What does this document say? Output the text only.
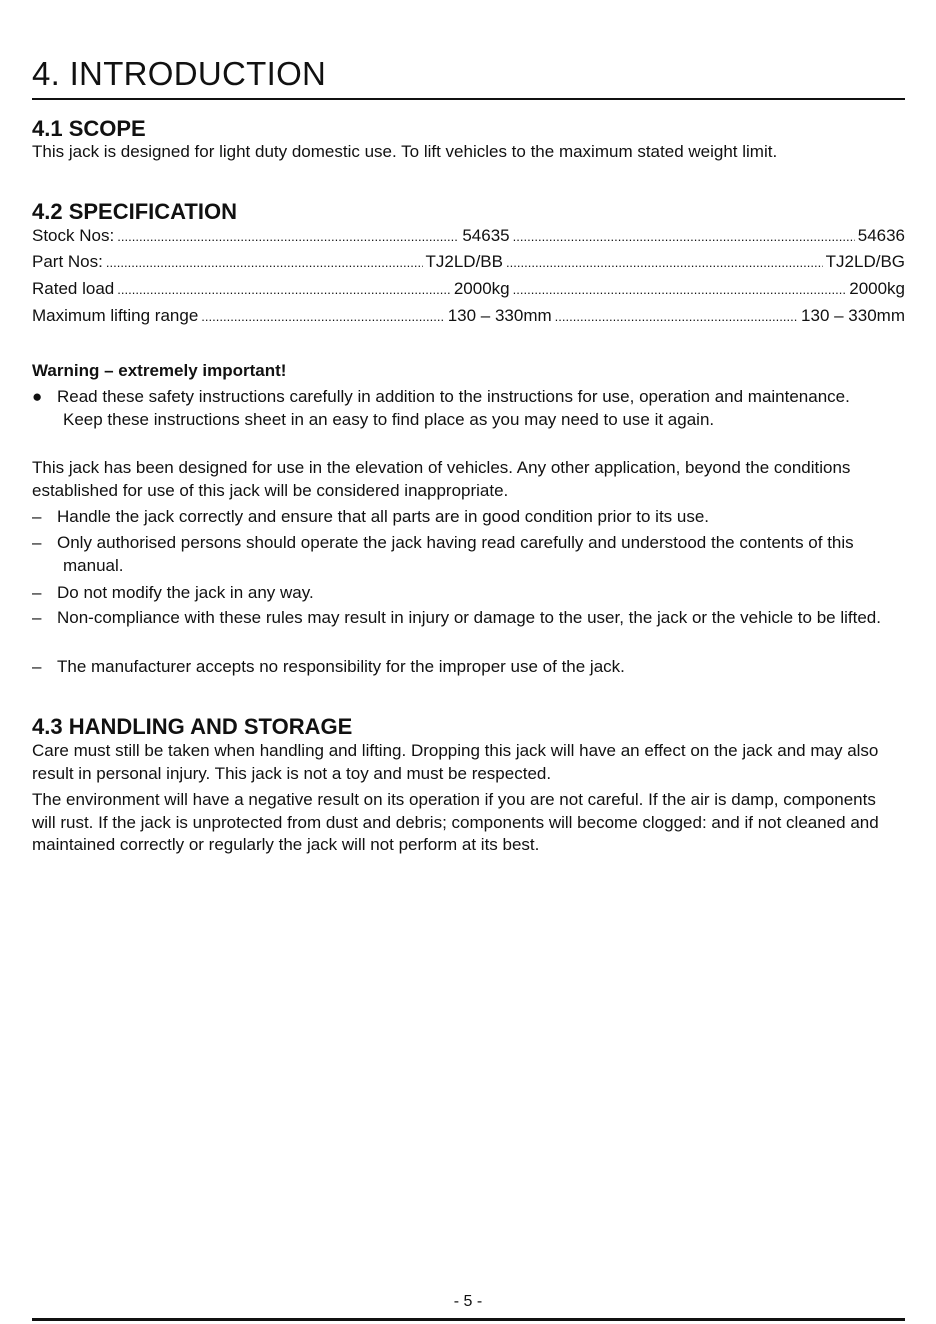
4. INTRODUCTION
4.1 SCOPE

This jack is designed for light duty domestic use. To lift vehicles to the maximum stated weight limit.

4.2 SPECIFICATION
Stock Nos: . . .	54635 . . .	54636
Part Nos: . . .	TJ2LD/BB . . .	TJ2LD/BG
Rated load . . .	2000kg . . .	2000kg
Maximum lifting range . . .	130 – 330mm . . .	130 – 330mm
Warning – extremely important!
● Read these safety instructions carefully in addition to the instructions for use, operation and maintenance. Keep these instructions sheet in an easy to find place as you may need to use it again.

This jack has been designed for use in the elevation of vehicles. Any other application, beyond the conditions established for use of this jack will be considered inappropriate.

– Handle the jack correctly and ensure that all parts are in good condition prior to its use.
– Only authorised persons should operate the jack having read carefully and understood the contents of this manual.
– Do not modify the jack in any way.
– Non-compliance with these rules may result in injury or damage to the user, the jack or the vehicle to be lifted.
– The manufacturer accepts no responsibility for the improper use of the jack.
4.3 HANDLING AND STORAGE

Care must still be taken when handling and lifting. Dropping this jack will have an effect on the jack and may also result in personal injury. This jack is not a toy and must be respected.

The environment will have a negative result on its operation if you are not careful. If the air is damp, components will rust. If the jack is unprotected from dust and debris; components will become clogged: and if not cleaned and maintained correctly or regularly the jack will not perform at its best.

- 5 -
